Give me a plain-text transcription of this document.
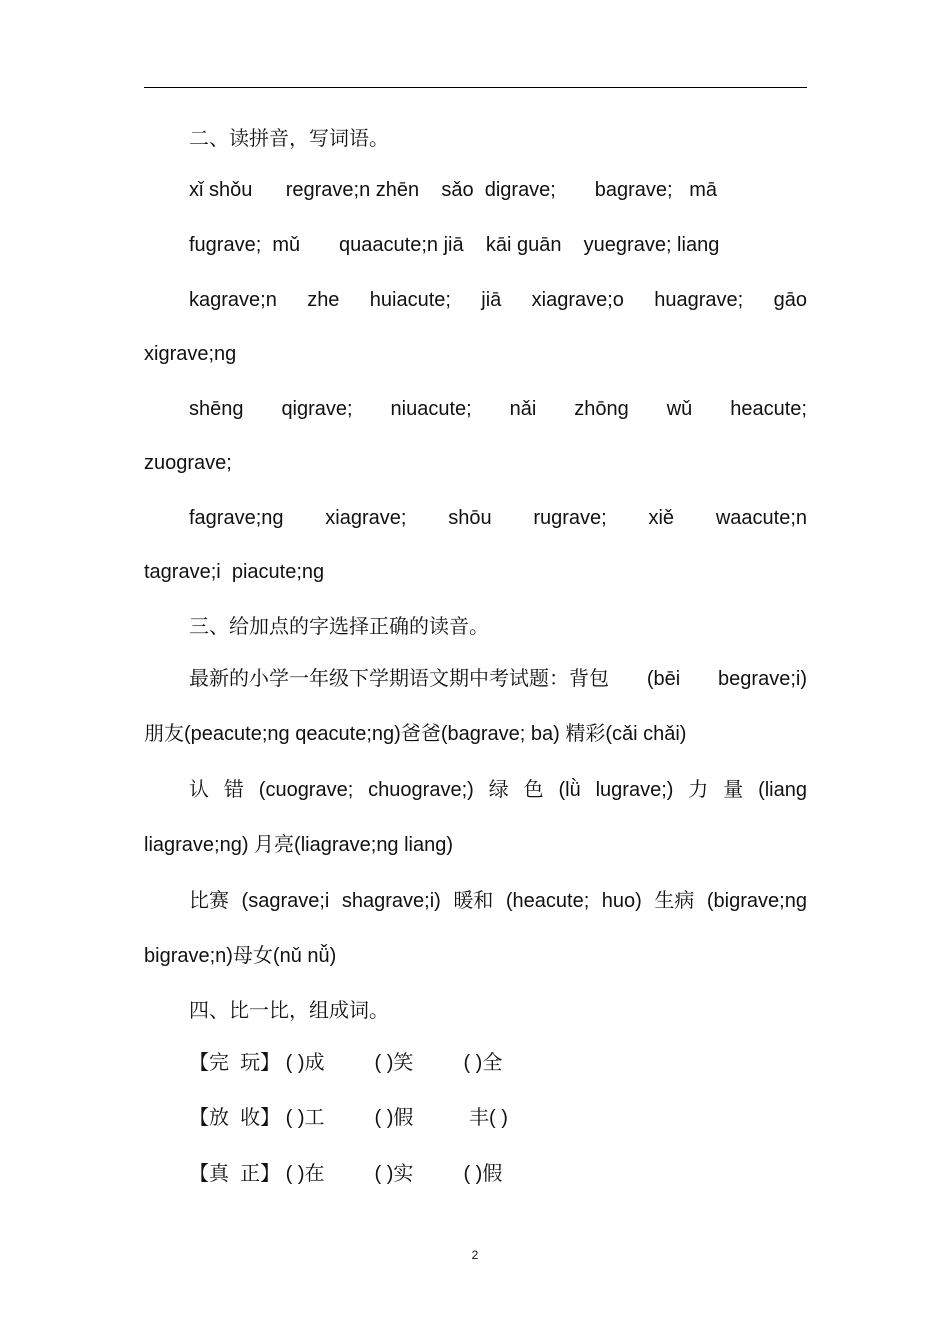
二、读拼音，写词语。
xǐ shǒu      regrave;n zhēn    sǎo  digrave;       bagrave;   mā
fugrave;  mǔ       quaacute;n jiā    kāi guān    yuegrave; liang
kagrave;n zhe huiacute; jiā xiagrave;o huagrave; gāo
xigrave;ng
shēng qigrave; niuacute; nǎi zhōng wǔ heacute;
zuograve;
fagrave;ng xiagrave; shōu rugrave; xiě waacute;n
tagrave;i  piacute;ng
三、给加点的字选择正确的读音。
最新的小学一年级下学期语文期中考试题：背包 (bēi begrave;i)
朋友(peacute;ng qeacute;ng)爸爸(bagrave; ba) 精彩(cǎi chǎi)
认 错 (cuograve; chuograve;) 绿 色 (lǜ lugrave;) 力 量 (liang
liagrave;ng) 月亮(liagrave;ng liang)
比赛 (sagrave;i shagrave;i) 暖和 (heacute; huo) 生病 (bigrave;ng
bigrave;n)母女(nǔ nǚ)
四、比一比，组成词。
【完  玩】 ( )成         ( )笑         ( )全
【放  收】 ( )工         ( )假          丰( )
【真  正】 ( )在         ( )实         ( )假
2
